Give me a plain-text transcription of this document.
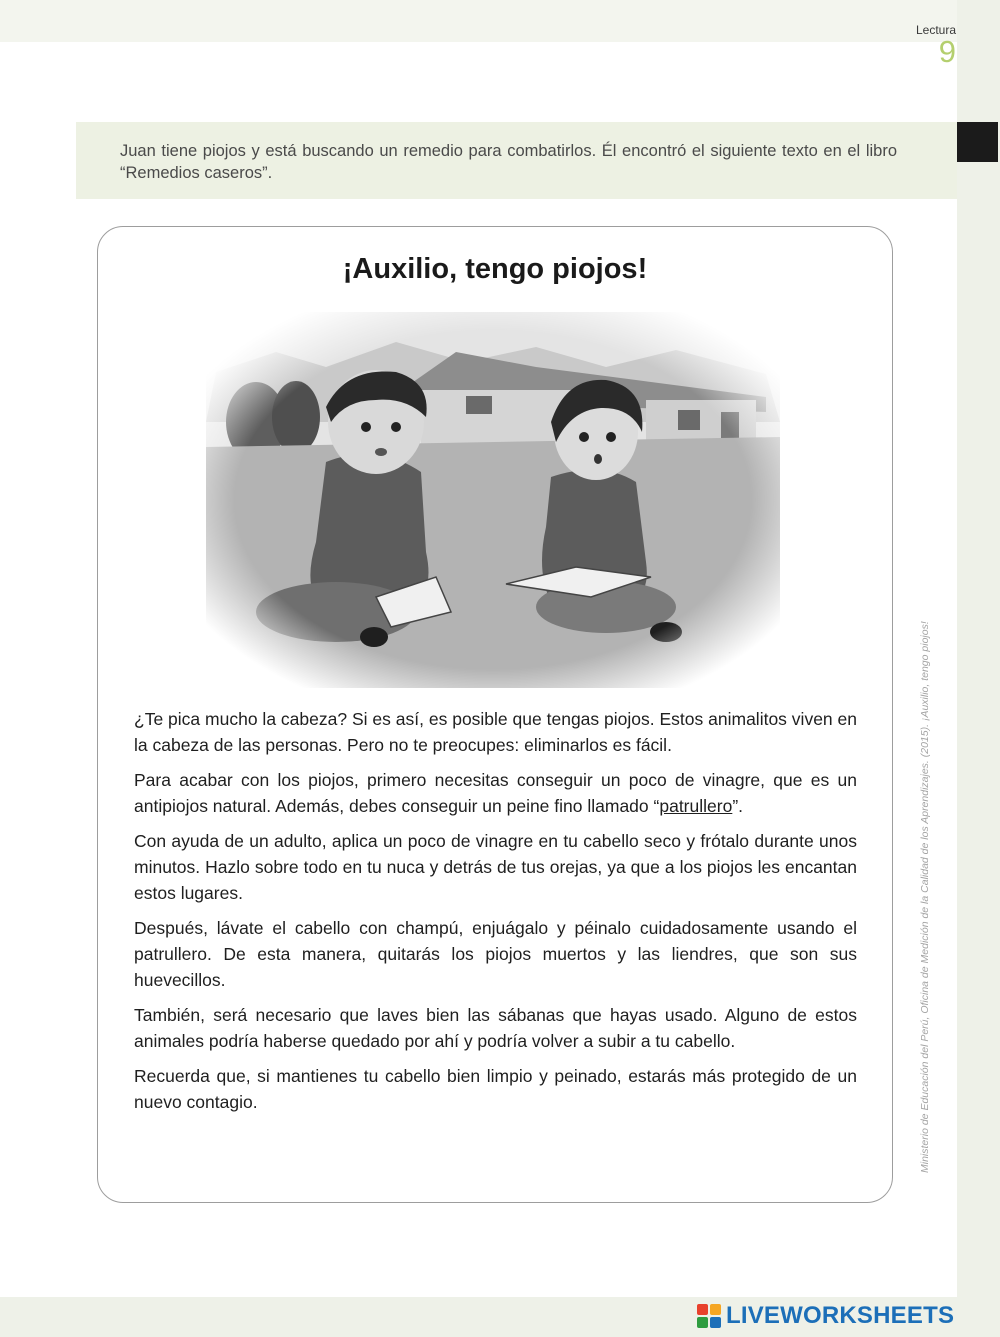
Lectura
9
Juan tiene piojos y está buscando un remedio para combatirlos. Él encontró el siguiente texto en el libro “Remedios caseros”.
¡Auxilio, tengo piojos!

¿Te pica mucho la cabeza? Si es así, es posible que tengas piojos. Estos animalitos viven en la cabeza de las personas. Pero no te preocupes: eliminarlos es fácil.

Para acabar con los piojos, primero necesitas conseguir un poco de vinagre, que es un antipiojos natural. Además, debes conseguir un peine fino llamado “patrullero”.

Con ayuda de un adulto, aplica un poco de vinagre en tu cabello seco y frótalo durante unos minutos. Hazlo sobre todo en tu nuca y detrás de tus orejas, ya que a los piojos les encantan estos lugares.

Después, lávate el cabello con champú, enjuágalo y péinalo cuidadosamente usando el patrullero. De esta manera, quitarás los piojos muertos y las liendres, que son sus huevecillos.

También, será necesario que laves bien las sábanas que hayas usado. Alguno de estos animales podría haberse quedado por ahí y podría volver a subir a tu cabello.

Recuerda que, si mantienes tu cabello bien limpio y peinado, estarás más protegido de un nuevo contagio.	Ministerio de Educación del Perú, Oficina de Medición de la Calidad de los Aprendizajes. (2015). ¡Auxilio, tengo piojos!
LIVEWORKSHEETS
